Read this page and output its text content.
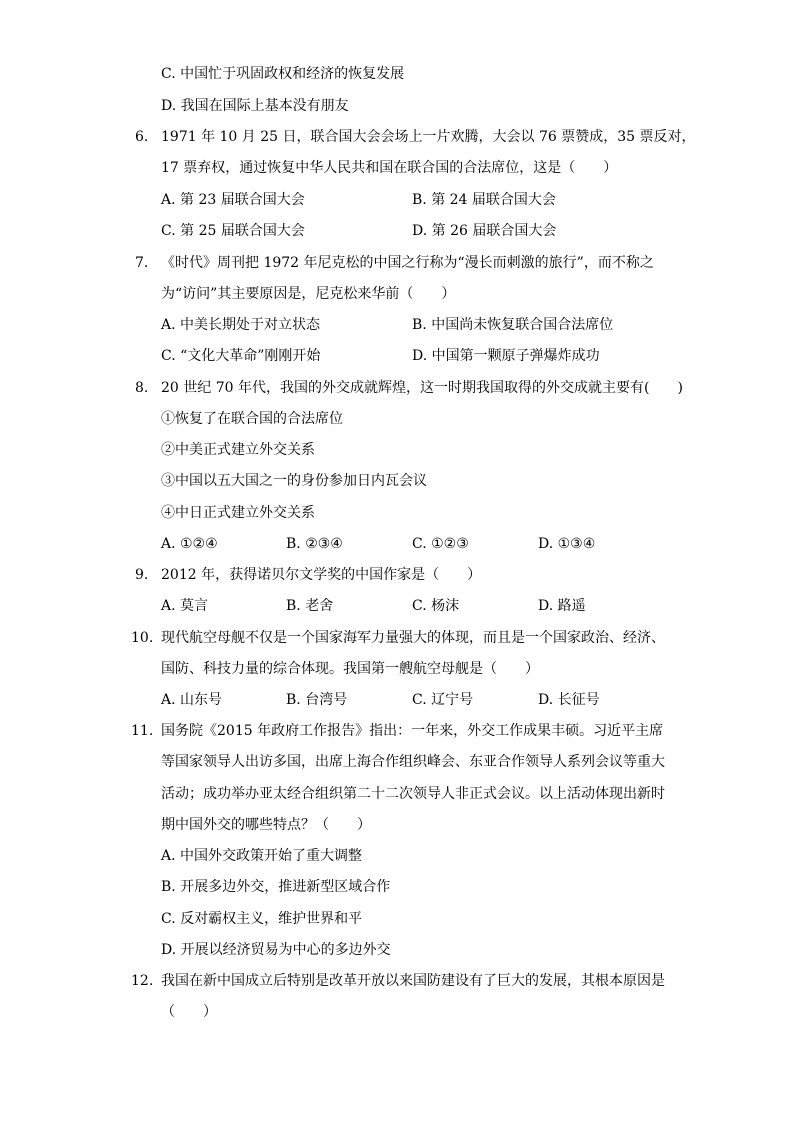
C. 中国忙于巩固政权和经济的恢复发展
D. 我国在国际上基本没有朋友
6. 1971 年 10 月 25 日，联合国大会会场上一片欢腾，大会以 76 票赞成，35 票反对，
17 票弃权，通过恢复中华人民共和国在联合国的合法席位，这是（　　）
A. 第 23 届联合国大会	B. 第 24 届联合国大会
C. 第 25 届联合国大会	D. 第 26 届联合国大会
7. 《时代》周刊把 1972 年尼克松的中国之行称为“漫长而刺激的旅行”，而不称之
为“访问”其主要原因是，尼克松来华前（　　）
A. 中美长期处于对立状态	B. 中国尚未恢复联合国合法席位
C. “文化大革命”刚刚开始	D. 中国第一颗原子弹爆炸成功
8. 20 世纪 70 年代，我国的外交成就辉煌，这一时期我国取得的外交成就主要有(　　)
①恢复了在联合国的合法席位
②中美正式建立外交关系
③中国以五大国之一的身份参加日内瓦会议
④中日正式建立外交关系
A. ①②④	B. ②③④	C. ①②③	D. ①③④
9. 2012 年，获得诺贝尔文学奖的中国作家是（　　）
A. 莫言	B. 老舍	C. 杨沫	D. 路遥
10. 现代航空母舰不仅是一个国家海军力量强大的体现，而且是一个国家政治、经济、
国防、科技力量的综合体现。我国第一艘航空母舰是（　　）
A. 山东号	B. 台湾号	C. 辽宁号	D. 长征号
11. 国务院《2015 年政府工作报告》指出：一年来，外交工作成果丰硕。习近平主席
等国家领导人出访多国，出席上海合作组织峰会、东亚合作领导人系列会议等重大
活动；成功举办亚太经合组织第二十二次领导人非正式会议。以上活动体现出新时
期中国外交的哪些特点？（　　）
A. 中国外交政策开始了重大调整
B. 开展多边外交，推进新型区域合作
C. 反对霸权主义，维护世界和平
D. 开展以经济贸易为中心的多边外交
12. 我国在新中国成立后特别是改革开放以来国防建设有了巨大的发展，其根本原因是
（　　）
